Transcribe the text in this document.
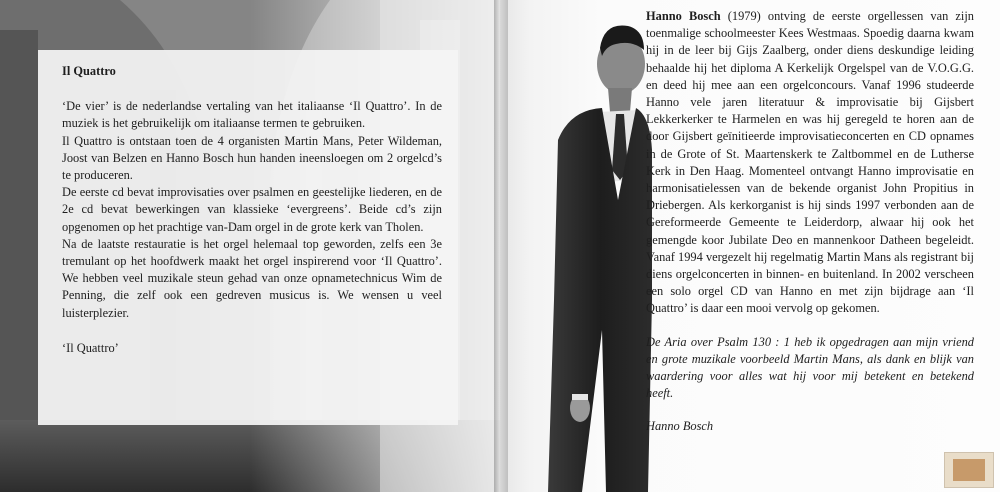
Il Quattro

‘De vier’ is de nederlandse vertaling van het italiaanse ‘Il Quattro’. In de muziek is het gebruikelijk om italiaanse termen te gebruiken.

Il Quattro is ontstaan toen de 4 organisten Martin Mans, Peter Wildeman, Joost van Belzen en Hanno Bosch hun handen ineensloegen om 2 orgelcd’s te produceren.

De eerste cd bevat improvisaties over psalmen en geestelijke liederen, en de 2e cd bevat bewerkingen van klassieke ‘evergreens’. Beide cd’s zijn opgenomen op het prachtige van-Dam orgel in de grote kerk van Tholen.

Na de laatste restauratie is het orgel helemaal top geworden, zelfs een 3e tremulant op het hoofdwerk maakt het orgel inspirerend voor ‘Il Quattro’. We hebben veel muzikale steun gehad van onze opnametechnicus Wim de Penning, die zelf ook een gedreven musicus is. We wensen u veel luisterplezier.

‘Il Quattro’

Hanno Bosch (1979) ontving de eerste orgellessen van zijn toenmalige schoolmeester Kees Westmaas. Spoedig daarna kwam hij in de leer bij Gijs Zaalberg, onder diens deskundige leiding behaalde hij het diploma A Kerkelijk Orgelspel van de V.O.G.G. en deed hij mee aan een orgelconcours. Vanaf 1996 studeerde Hanno vele jaren literatuur & improvisatie bij Gijsbert Lekkerkerker te Harmelen en was hij geregeld te horen aan de door Gijsbert geïnitieerde improvisatieconcerten en CD opnames in de Grote of St. Maartenskerk te Zaltbommel en de Lutherse Kerk in Den Haag. Momenteel ontvangt Hanno improvisatie en harmonisatielessen van de bekende organist John Propitius in Driebergen. Als kerkorganist is hij sinds 1997 verbonden aan de Gereformeerde Gemeente te Leiderdorp, alwaar hij ook het gemengde koor Jubilate Deo en mannenkoor Datheen begeleidt. Vanaf 1994 vergezelt hij regelmatig Martin Mans als registrant bij diens orgelconcerten in binnen- en buitenland. In 2002 verscheen een solo orgel CD van Hanno en met zijn bijdrage aan ‘Il Quattro’ is daar een mooi vervolg op gekomen.

De Aria over Psalm 130 : 1 heb ik opgedragen aan mijn vriend en grote muzikale voorbeeld Martin Mans, als dank en blijk van waardering voor alles wat hij voor mij betekent en betekend heeft.

Hanno Bosch
